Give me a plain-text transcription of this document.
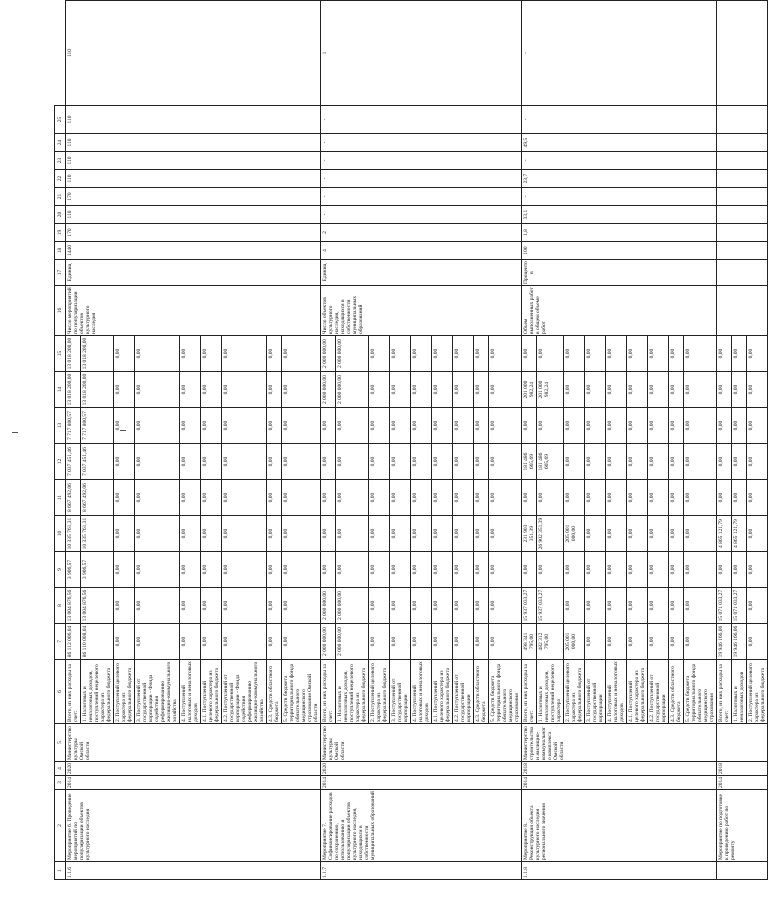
1	2	3	4	5	6	7	8	9	10	11	12	13	14	15	16	17	18	19	20	21	22	23	24	25	
1.1.6	Мероприятие 6. Проведение мероприятий по популяризации объектов культурного наследия	2014	2020	Министерство культуры Омской области	Всего, из них расходы за счет:	86 112 006,04	13 004 876,56	3 906,57	10 335 761,31	8 667 492,06	7 037 451,46	7 717 800,57	13 018 200,00	13 018 200,00	Число мероприятий по популяризации объектов культурного наследия	Единиц	1440	170	110	170	110	110	110	110	110
					1. Налоговых и неналоговых доходов, поступлений нецелевого характера из федерального бюджета	86 110 008,04	13 004 876,56	3 906,57	10 335 761,31	8 667 492,06	7 037 451,46	7 717 800,57	13 018 200,00	13 018 200,00											
					2. Поступлений целевого характера из федерального бюджета	0,00	0,00	0,00	0,00	0,00	0,00	0,00	0,00	0,00											
					3. Поступлений от государственной корпорации - Фонда содействия реформированию жилищно-коммунального хозяйства	0,00	0,00	0,00	0,00	0,00	0,00	0,00	0,00	0,00											
					4. Поступлений налоговых и неналоговых доходов	0,00	0,00	0,00	0,00	0,00	0,00	0,00	0,00	0,00											
					4.1. Поступлений целевого характера из федерального бюджета	0,00	0,00	0,00	0,00	0,00	0,00	0,00	0,00	0,00											
					4.2. Поступлений от государственной корпорации - Фонда содействия реформированию жилищно-коммунального хозяйства	0,00	0,00	0,00	0,00	0,00	0,00	0,00	0,00	0,00											
					4.3. Средств областного бюджета	0,00	0,00	0,00	0,00	0,00	0,00	0,00	0,00	0,00											
					5. Средств бюджета территориального фонда обязательного медицинского страхования Омской области	0,00	0,00	0,00	0,00	0,00	0,00	0,00	0,00	0,00											
1.1.7	Мероприятие 7. Софинансирование расходов по сохранению, использованию и популяризации объектов культурного наследия, находящихся в собственности муниципальных образований	2014	2020	Министерство культуры Омской области	Всего, из них расходы за счет:	2 000 000,00	2 000 000,00	0,00	0,00	0,00	0,00	0,00	2 000 000,00	2 000 000,00	Число объектов культурного наследия, находящихся в собственности муниципальных образований	Единиц	4	2	-	-	-	-	-	-	1
					1. Налоговых и неналоговых доходов, поступлений нецелевого характера из федерального бюджета	2 000 000,00	2 000 000,00	0,00	0,00	0,00	0,00	0,00	2 000 000,00	2 000 000,00											
					2. Поступлений целевого характера из федерального бюджета	0,00	0,00	0,00	0,00	0,00	0,00	0,00	0,00	0,00											
					3. Поступлений от государственной корпорации	0,00	0,00	0,00	0,00	0,00	0,00	0,00	0,00	0,00											
					4. Поступлений налоговых и неналоговых доходов	0,00	0,00	0,00	0,00	0,00	0,00	0,00	0,00	0,00											
					4.1. Поступлений целевого характера из федерального бюджета	0,00	0,00	0,00	0,00	0,00	0,00	0,00	0,00	0,00											
					4.2. Поступлений от государственной корпорации	0,00	0,00	0,00	0,00	0,00	0,00	0,00	0,00	0,00											
					4.3. Средств областного бюджета	0,00	0,00	0,00	0,00	0,00	0,00	0,00	0,00	0,00											
					5. Средств бюджета территориального фонда обязательного медицинского страхования	0,00	0,00	0,00	0,00	0,00	0,00	0,00	0,00	0,00											
1.1.8	Мероприятие 8. Реконструкция объекта культурного наследия регионального значения	2014	2018	Министерство строительства и жилищно-коммунального комплекса Омской области	Всего, из них расходы за счет:	498 341 795,00	15 937 033,27	0,00	231 903 351,39	0,00	181 486 665,69	0,00	201 000 982,24	0,00	Объем выполненных работ в общем объеме работ	Процентов	100	1,8	33,1	-	23,7	-	49,5	-	-
					1. Налоговых и неналоговых доходов, поступлений нецелевого характера	482 312 795,00	15 937 033,27	0,00	26 902 351,39	0,00	181 486 665,69	0,00	201 000 982,24	0,00											
					2. Поступлений целевого характера из федерального бюджета	205 001 000,00	0,00	0,00	205 001 000,00	0,00	0,00	0,00	0,00	0,00											
					3. Поступлений от государственной корпорации	0,00	0,00	0,00	0,00	0,00	0,00	0,00	0,00	0,00											
					4. Поступлений налоговых и неналоговых доходов	0,00	0,00	0,00	0,00	0,00	0,00	0,00	0,00	0,00											
					4.1. Поступлений целевого характера из федерального бюджета	0,00	0,00	0,00	0,00	0,00	0,00	0,00	0,00	0,00											
					4.2. Поступлений от государственной корпорации	0,00	0,00	0,00	0,00	0,00	0,00	0,00	0,00	0,00											
					4.3. Средств областного бюджета	0,00	0,00	0,00	0,00	0,00	0,00	0,00	0,00	0,00											
					5. Средств бюджета территориального фонда обязательного медицинского страхования	0,00	0,00	0,00	0,00	0,00	0,00	0,00	0,00	0,00											
	Мероприятие по подготовке к проведению работ по ремонту	2014	2018		Всего, из них расходы за счет:	19 946 166,06	15 071 033,27	0,00	4 865 121,79	0,00	0,00	0,00	0,00	0,00											
					1. Налоговых и неналоговых доходов	19 946 166,06	15 071 033,27	0,00	4 865 121,79	0,00	0,00	0,00	0,00	0,00											
					2. Поступлений целевого характера из федерального бюджета	0,00	0,00	0,00	0,00	0,00	0,00	0,00	0,00	0,00											
